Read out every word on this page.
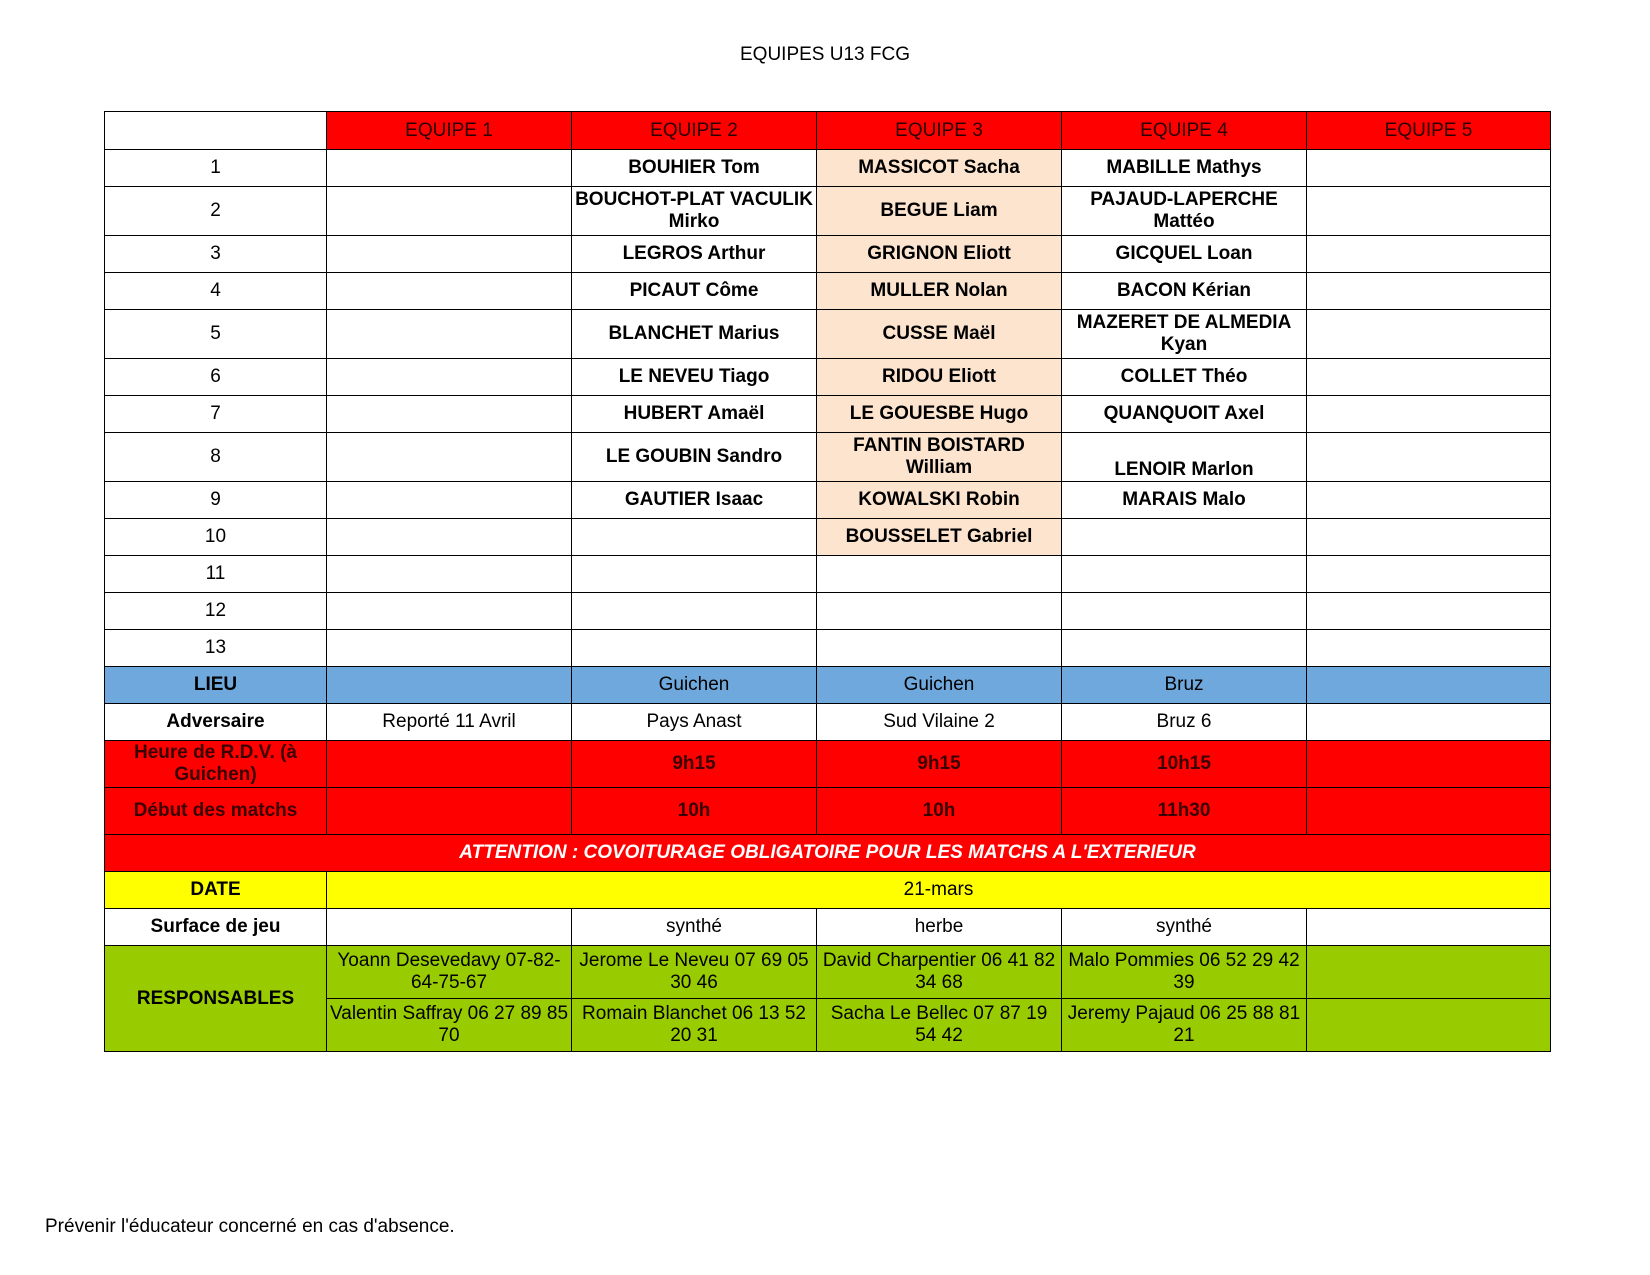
EQUIPES U13 FCG
	EQUIPE 1	EQUIPE 2	EQUIPE 3	EQUIPE 4	EQUIPE 5
1		BOUHIER Tom	MASSICOT Sacha	MABILLE Mathys	
2		BOUCHOT-PLAT VACULIK Mirko	BEGUE Liam	PAJAUD-LAPERCHE Mattéo	
3		LEGROS Arthur	GRIGNON Eliott	GICQUEL Loan	
4		PICAUT Côme	MULLER Nolan	BACON Kérian	
5		BLANCHET Marius	CUSSE Maël	MAZERET DE ALMEDIA Kyan	
6		LE NEVEU Tiago	RIDOU Eliott	COLLET Théo	
7		HUBERT Amaël	LE GOUESBE Hugo	QUANQUOIT Axel	
8		LE GOUBIN Sandro	FANTIN BOISTARD William	LENOIR Marlon	
9		GAUTIER Isaac	KOWALSKI Robin	MARAIS Malo	
10			BOUSSELET Gabriel		
11					
12					
13					
LIEU		Guichen	Guichen	Bruz	
Adversaire	Reporté 11 Avril	Pays Anast	Sud Vilaine 2	Bruz 6	

Heure de R.D.V. (à Guichen)		9h15	9h15	10h15	
Début des matchs		10h	10h	11h30	
ATTENTION : COVOITURAGE OBLIGATOIRE POUR LES MATCHS A L'EXTERIEUR					
DATE	21-mars				
Surface de jeu		synthé	herbe	synthé	
RESPONSABLES	Yoann Desevedavy 07-82-64-75-67	Jerome Le Neveu 07 69 05 30 46	David Charpentier 06 41 82 34 68	Malo Pommies 06 52 29 42 39	
	Valentin Saffray 06 27 89 85 70	Romain Blanchet 06 13 52 20 31	Sacha Le Bellec 07 87 19 54 42	Jeremy Pajaud 06 25 88 81 21	
Prévenir l'éducateur concerné en cas d'absence.
